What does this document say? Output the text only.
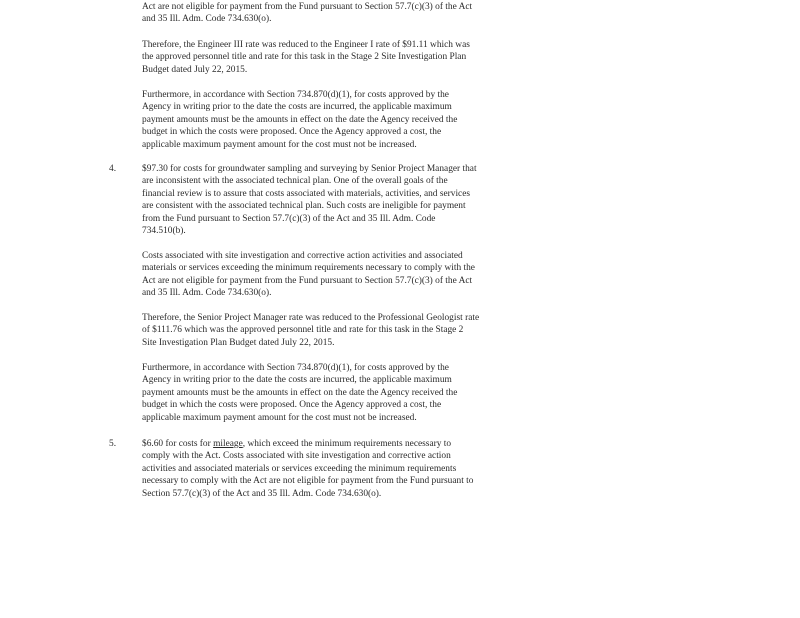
Act are not eligible for payment from the Fund pursuant to Section 57.7(c)(3) of the Act
and 35 Ill. Adm. Code 734.630(o).

Therefore, the Engineer III rate was reduced to the Engineer I rate of $91.11 which was
the approved personnel title and rate for this task in the Stage 2 Site Investigation Plan
Budget dated July 22, 2015.

Furthermore, in accordance with Section 734.870(d)(1), for costs approved by the
Agency in writing prior to the date the costs are incurred, the applicable maximum
payment amounts must be the amounts in effect on the date the Agency received the
budget in which the costs were proposed. Once the Agency approved a cost, the
applicable maximum payment amount for the cost must not be increased.

4.	$97.30 for costs for groundwater sampling and surveying by Senior Project Manager that
are inconsistent with the associated technical plan. One of the overall goals of the
financial review is to assure that costs associated with materials, activities, and services
are consistent with the associated technical plan. Such costs are ineligible for payment
from the Fund pursuant to Section 57.7(c)(3) of the Act and 35 Ill. Adm. Code
734.510(b).

Costs associated with site investigation and corrective action activities and associated
materials or services exceeding the minimum requirements necessary to comply with the
Act are not eligible for payment from the Fund pursuant to Section 57.7(c)(3) of the Act
and 35 Ill. Adm. Code 734.630(o).

Therefore, the Senior Project Manager rate was reduced to the Professional Geologist rate
of $111.76 which was the approved personnel title and rate for this task in the Stage 2
Site Investigation Plan Budget dated July 22, 2015.

Furthermore, in accordance with Section 734.870(d)(1), for costs approved by the
Agency in writing prior to the date the costs are incurred, the applicable maximum
payment amounts must be the amounts in effect on the date the Agency received the
budget in which the costs were proposed. Once the Agency approved a cost, the
applicable maximum payment amount for the cost must not be increased.

5.	$6.60 for costs for mileage, which exceed the minimum requirements necessary to
comply with the Act. Costs associated with site investigation and corrective action
activities and associated materials or services exceeding the minimum requirements
necessary to comply with the Act are not eligible for payment from the Fund pursuant to
Section 57.7(c)(3) of the Act and 35 Ill. Adm. Code 734.630(o).
